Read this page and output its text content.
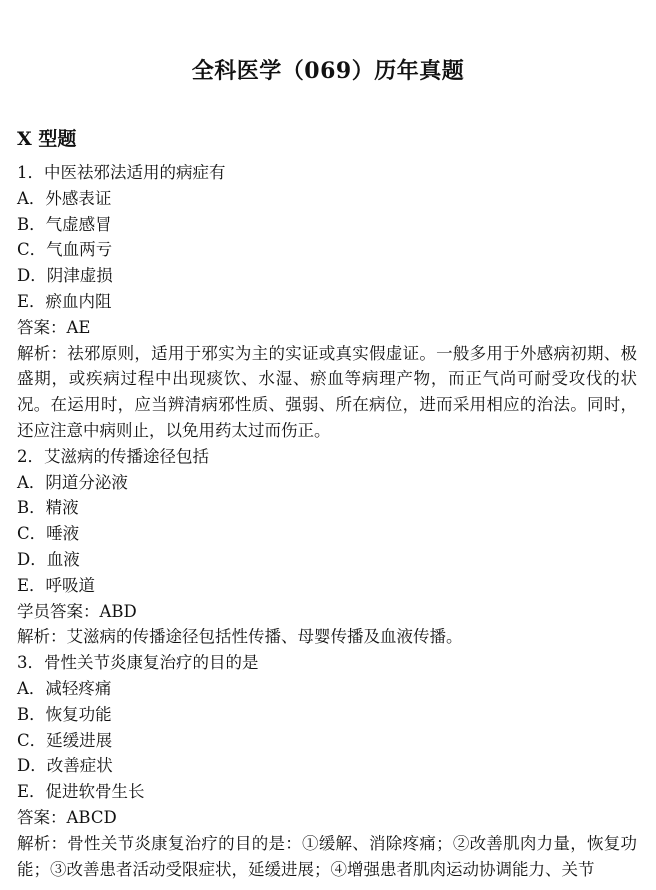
全科医学（069）历年真题
X 型题
1．中医祛邪法适用的病症有
A．外感表证
B．气虚感冒
C．气血两亏
D．阴津虚损
E．瘀血内阻
答案：AE
解析：祛邪原则，适用于邪实为主的实证或真实假虚证。一般多用于外感病初期、极盛期，或疾病过程中出现痰饮、水湿、瘀血等病理产物，而正气尚可耐受攻伐的状况。在运用时，应当辨清病邪性质、强弱、所在病位，进而采用相应的治法。同时，还应注意中病则止，以免用药太过而伤正。
2．艾滋病的传播途径包括
A．阴道分泌液
B．精液
C．唾液
D．血液
E．呼吸道
学员答案：ABD
解析：艾滋病的传播途径包括性传播、母婴传播及血液传播。
3．骨性关节炎康复治疗的目的是
A．减轻疼痛
B．恢复功能
C．延缓进展
D．改善症状
E．促进软骨生长
答案：ABCD
解析：骨性关节炎康复治疗的目的是：①缓解、消除疼痛；②改善肌肉力量，恢复功能；③改善患者活动受限症状，延缓进展；④增强患者肌肉运动协调能力、关节
